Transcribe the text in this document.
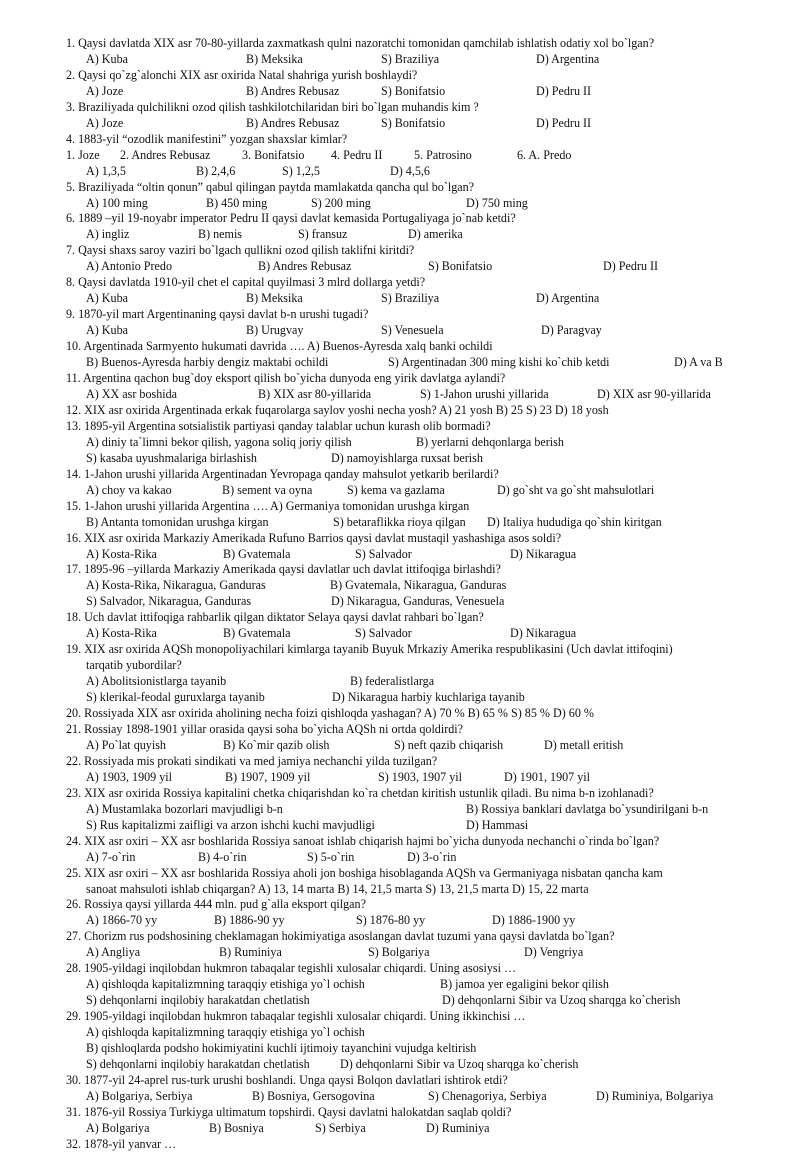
1. Qaysi davlatda XIX asr 70-80-yillarda zaxmatkash qulni nazoratchi tomonidan qamchilab ishlatish odatiy xol bo`lgan?
A) Kuba	B) Meksika	S) Braziliya	D) Argentina
2. Qaysi qo`zg`alonchi XIX asr oxirida Natal shahriga yurish boshlaydi?
A) Joze	B) Andres Rebusaz	S) Bonifatsio	D) Pedru II
3. Braziliyada qulchilikni ozod qilish tashkilotchilaridan biri bo`lgan muhandis kim ?
A) Joze	B) Andres Rebusaz	S) Bonifatsio	D) Pedru II
4. 1883-yil “ozodlik manifestini” yozgan shaxslar kimlar?
1. Joze	2. Andres Rebusaz	3. Bonifatsio	4. Pedru II	5. Patrosino	6. A. Predo
A) 1,3,5	B) 2,4,6	S) 1,2,5	D) 4,5,6
5. Braziliyada “oltin qonun” qabul qilingan paytda mamlakatda qancha qul bo`lgan?
A) 100 ming	B) 450 ming	S) 200 ming	D) 750 ming
6. 1889 –yil 19-noyabr imperator Pedru II qaysi davlat kemasida Portugaliyaga jo`nab ketdi?
A) ingliz	B) nemis	S) fransuz	D) amerika
7. Qaysi shaxs saroy vaziri bo`lgach qullikni ozod qilish taklifni kiritdi?
A) Antonio Predo	B) Andres Rebusaz	S) Bonifatsio	D) Pedru II
8. Qaysi davlatda 1910-yil chet el capital quyilmasi 3 mlrd dollarga yetdi?
A) Kuba	B) Meksika	S) Braziliya	D) Argentina
9. 1870-yil mart Argentinaning qaysi davlat b-n urushi tugadi?
A) Kuba	B) Urugvay	S) Venesuela	D) Paragvay
10. Argentinada Sarmyento hukumati davrida …. A) Buenos-Ayresda xalq banki ochildi
B) Buenos-Ayresda harbiy dengiz maktabi ochildi	S) Argentinadan 300 ming kishi ko`chib ketdi	D) A va B
11. Argentina qachon bug`doy eksport qilish bo`yicha dunyoda eng yirik davlatga aylandi?
A) XX asr boshida	B) XIX asr 80-yillarida	S) 1-Jahon urushi yillarida	D) XIX asr 90-yillarida
12. XIX asr oxirida Argentinada erkak fuqarolarga saylov yoshi necha yosh? A) 21 yosh B) 25 S) 23 D) 18 yosh
13. 1895-yil Argentina sotsialistik partiyasi qanday talablar uchun kurash olib bormadi?
A) diniy ta`limni bekor qilish, yagona soliq joriy qilish	B) yerlarni dehqonlarga berish
S) kasaba uyushmalariga birlashish	D) namoyishlarga ruxsat berish
14. 1-Jahon urushi yillarida Argentinadan Yevropaga qanday mahsulot yetkarib berilardi?
A) choy va kakao	B) sement va oyna	S) kema va gazlama	D) go`sht va go`sht mahsulotlari
15. 1-Jahon urushi yillarida Argentina …. A) Germaniya tomonidan urushga kirgan
B) Antanta tomonidan urushga kirgan	S) betaraflikka rioya qilgan	D) Italiya hududiga qo`shin kiritgan
16. XIX asr oxirida Markaziy Amerikada Rufuno Barrios qaysi davlat mustaqil yashashiga asos soldi?
A) Kosta-Rika	B) Gvatemala	S) Salvador	D) Nikaragua
17. 1895-96 –yillarda Markaziy Amerikada qaysi davlatlar uch davlat ittifoqiga birlashdi?
A) Kosta-Rika, Nikaragua, Ganduras	B) Gvatemala, Nikaragua, Ganduras
S) Salvador, Nikaragua, Ganduras	D) Nikaragua, Ganduras, Venesuela
18. Uch davlat ittifoqiga rahbarlik qilgan diktator Selaya qaysi davlat rahbari bo`lgan?
A) Kosta-Rika	B) Gvatemala	S) Salvador	D) Nikaragua
19. XIX asr oxirida AQSh monopoliyachilari kimlarga tayanib Buyuk Mrkaziy Amerika respublikasini (Uch davlat ittifoqini)
tarqatib yubordilar?
A) Abolitsionistlarga tayanib	B) federalistlarga
S) klerikal-feodal guruxlarga tayanib	D) Nikaragua harbiy kuchlariga tayanib
20. Rossiyada XIX asr oxirida aholining necha foizi qishloqda yashagan? A) 70 % B) 65 % S) 85 % D) 60 %
21. Rossiay 1898-1901 yillar orasida qaysi soha bo`yicha AQSh ni ortda qoldirdi?
A) Po`lat quyish	B) Ko`mir qazib olish	S) neft qazib chiqarish	D) metall eritish
22. Rossiyada mis prokati sindikati va med jamiya nechanchi yilda tuzilgan?
A) 1903, 1909 yil	B) 1907, 1909 yil	S) 1903, 1907 yil	D) 1901, 1907 yil
23. XIX asr oxirida Rossiya kapitalini chetka chiqarishdan ko`ra chetdan kiritish ustunlik qiladi. Bu nima b-n izohlanadi?
A) Mustamlaka bozorlari mavjudligi b-n	B) Rossiya banklari davlatga bo`ysundirilgani b-n
S) Rus kapitalizmi zaifligi va arzon ishchi kuchi mavjudligi	D) Hammasi
24. XIX asr oxiri – XX asr boshlarida Rossiya sanoat ishlab chiqarish hajmi bo`yicha dunyoda nechanchi o`rinda bo`lgan?
A) 7-o`rin	B) 4-o`rin	S) 5-o`rin	D) 3-o`rin
25. XIX asr oxiri – XX asr boshlarida Rossiya aholi jon boshiga hisoblaganda AQSh va Germaniyaga nisbatan qancha kam
sanoat mahsuloti ishlab chiqargan? A) 13, 14 marta B) 14, 21,5 marta S) 13, 21,5 marta D) 15, 22 marta
26. Rossiya qaysi yillarda 444 mln. pud g`alla eksport qilgan?
A) 1866-70 yy	B) 1886-90 yy	S) 1876-80 yy	D) 1886-1900 yy
27. Chorizm rus podshosining cheklamagan hokimiyatiga asoslangan davlat tuzumi yana qaysi davlatda bo`lgan?
A) Angliya	B) Ruminiya	S) Bolgariya	D) Vengriya
28. 1905-yildagi inqilobdan hukmron tabaqalar tegishli xulosalar chiqardi. Uning asosiysi …
A) qishloqda kapitalizmning taraqqiy etishiga yo`l ochish	B) jamoa yer egaligini bekor qilish
S) dehqonlarni inqilobiy harakatdan chetlatish	D) dehqonlarni Sibir va Uzoq sharqga ko`cherish
29. 1905-yildagi inqilobdan hukmron tabaqalar tegishli xulosalar chiqardi. Uning ikkinchisi …
A) qishloqda kapitalizmning taraqqiy etishiga yo`l ochish
B) qishloqlarda podsho hokimiyatini kuchli ijtimoiy tayanchini vujudga keltirish
S) dehqonlarni inqilobiy harakatdan chetlatish	D) dehqonlarni Sibir va Uzoq sharqga ko`cherish
30. 1877-yil 24-aprel rus-turk urushi boshlandi. Unga qaysi Bolqon davlatlari ishtirok etdi?
A) Bolgariya, Serbiya	B) Bosniya, Gersogovina	S) Chenagoriya, Serbiya	D) Ruminiya, Bolgariya
31. 1876-yil Rossiya Turkiyga ultimatum topshirdi. Qaysi davlatni halokatdan saqlab qoldi?
A) Bolgariya	B) Bosniya	S) Serbiya	D) Ruminiya
32. 1878-yil yanvar …
